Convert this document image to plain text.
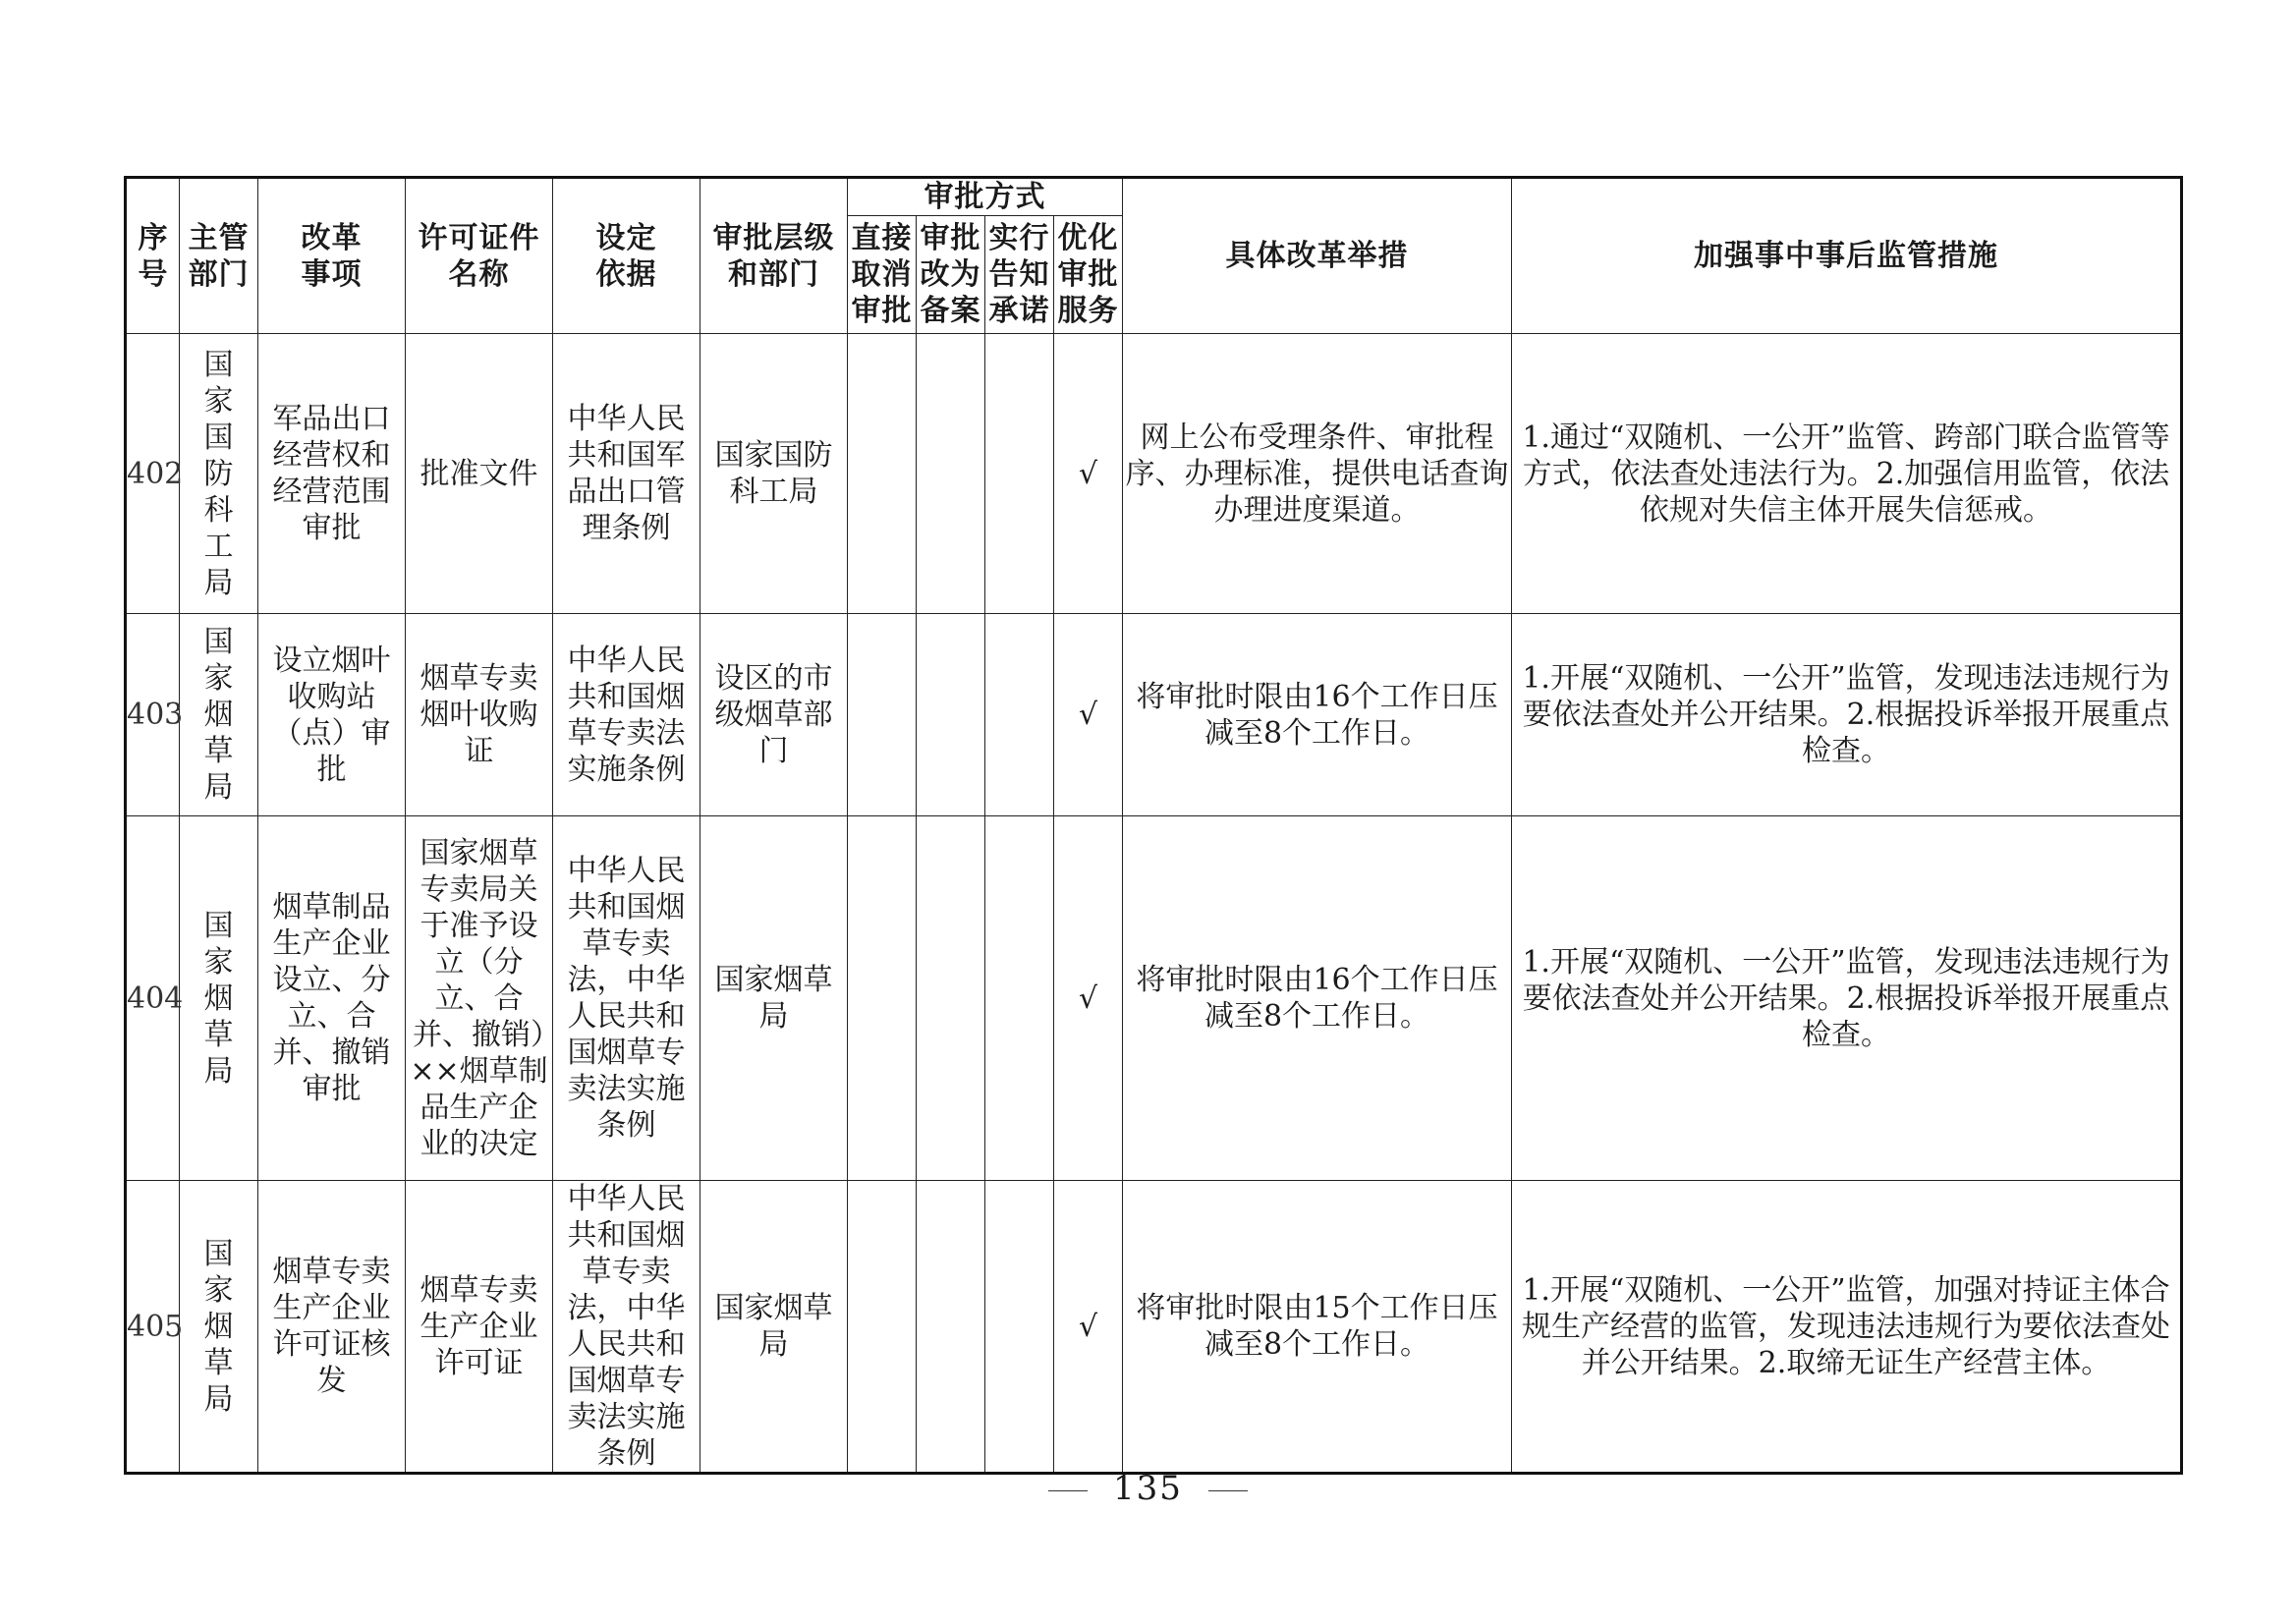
序号	主管部门	改革事项	许可证件名称	设定依据	审批层级和部门	审批方式				具体改革举措	加强事中事后监管措施
						直接取消审批	审批改为备案	实行告知承诺	优化审批服务		
402	国家国防科工局	军品出口经营权和经营范围审批	批准文件	中华人民共和国军品出口管理条例	国家国防科工局				√	网上公布受理条件、审批程序、办理标准，提供电话查询办理进度渠道。	1.通过“双随机、一公开”监管、跨部门联合监管等方式，依法查处违法行为。2.加强信用监管，依法依规对失信主体开展失信惩戒。
403	国家烟草局	设立烟叶收购站（点）审批	烟草专卖烟叶收购证	中华人民共和国烟草专卖法实施条例	设区的市级烟草部门				√	将审批时限由16个工作日压减至8个工作日。	1.开展“双随机、一公开”监管，发现违法违规行为要依法查处并公开结果。2.根据投诉举报开展重点检查。
404	国家烟草局	烟草制品生产企业设立、分立、合并、撤销审批	国家烟草专卖局关于准予设立（分立、合并、撤销）××烟草制品生产企业的决定	中华人民共和国烟草专卖法，中华人民共和国烟草专卖法实施条例	国家烟草局				√	将审批时限由16个工作日压减至8个工作日。	1.开展“双随机、一公开”监管，发现违法违规行为要依法查处并公开结果。2.根据投诉举报开展重点检查。
405	国家烟草局	烟草专卖生产企业许可证核发	烟草专卖生产企业许可证	中华人民共和国烟草专卖法，中华人民共和国烟草专卖法实施条例	国家烟草局				√	将审批时限由15个工作日压减至8个工作日。	1.开展“双随机、一公开”监管，加强对持证主体合规生产经营的监管，发现违法违规行为要依法查处并公开结果。2.取缔无证生产经营主体。
135
